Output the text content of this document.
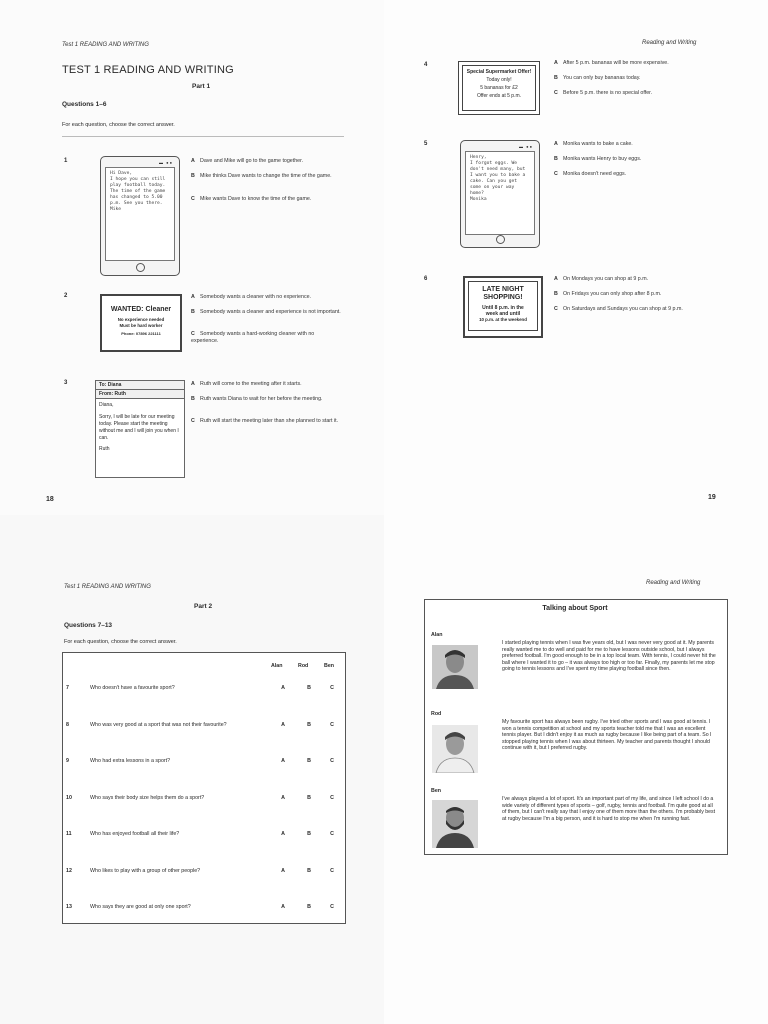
Test 1 READING AND WRITING
TEST 1 READING AND WRITING
Part 1
Questions 1–6
For each question, choose the correct answer.
1	▬ ●●
Hi Dave,
I hope you can still play football today. The time of the game has changed to 5.00 p.m. See you there.
Mike
A Dave and Mike will go to the game together.
B Mike thinks Dave wants to change the time of the game.
C Mike wants Dave to know the time of the game.
2
WANTED: Cleaner
No experience needed
Must be hard worker
Phone: 07896 221111
A Somebody wants a cleaner with no experience.
B Somebody wants a cleaner and experience is not important.
C Somebody wants a hard-working cleaner with no experience.
3	To: Diana
From: Ruth
Diana,
Sorry, I will be late for our meeting today. Please start the meeting without me and I will join you when I can.
Ruth
A Ruth will come to the meeting after it starts.
B Ruth wants Diana to wait for her before the meeting.
C Ruth will start the meeting later than she planned to start it.
18
Reading and Writing
4
Special Supermarket Offer!
Today only!
5 bananas for £2
Offer ends at 5 p.m.
A After 5 p.m. bananas will be more expensive.
B You can only buy bananas today.
C Before 5 p.m. there is no special offer.
5	▬ ●●
Henry,
I forgot eggs. We don't need many, but I want you to bake a cake. Can you get some on your way home?
Monika
A Monika wants to bake a cake.
B Monika wants Henry to buy eggs.
C Monika doesn't need eggs.
6
LATE NIGHT
SHOPPING!
Until 8 p.m. in the
week and until
10 p.m. at the weekend
A On Mondays you can shop at 9 p.m.
B On Fridays you can only shop after 8 p.m.
C On Saturdays and Sundays you can shop at 9 p.m.
19
Test 1 READING AND WRITING
Part 2
Questions 7–13
For each question, choose the correct answer.
Alan	Rod	Ben
7	Who doesn't have a favourite sport?	A	B	C
8	Who was very good at a sport that was not their favourite?	A	B	C
9	Who had extra lessons in a sport?	A	B	C
10	Who says their body size helps them do a sport?	A	B	C
11	Who has enjoyed football all their life?	A	B	C
12	Who likes to play with a group of other people?	A	B	C
13	Who says they are good at only one sport?	A	B	C
Reading and Writing
Talking about Sport
Alan
I started playing tennis when I was five years old, but I was never very good at it. My parents really wanted me to do well and paid for me to have lessons outside school, but I always preferred football. I'm good enough to be in a top local team. With tennis, I could never hit the ball where I wanted it to go – it was always too high or too far. Finally, my parents let me stop going to tennis lessons and I've spent my time playing football since then.
Rod
My favourite sport has always been rugby. I've tried other sports and I was good at tennis. I won a tennis competition at school and my sports teacher told me that I was an excellent tennis player. But I didn't enjoy it as much as rugby because I like being part of a team. So I stopped playing tennis when I was about thirteen. My teacher and parents thought I should continue with it, but I preferred rugby.
Ben
I've always played a lot of sport. It's an important part of my life, and since I left school I do a wide variety of different types of sports – golf, rugby, tennis and football. I'm quite good at all of them, but I can't really say that I enjoy one of them more than the others. I'm probably best at rugby because I'm a big person, and it is hard to stop me when I'm running fast.
